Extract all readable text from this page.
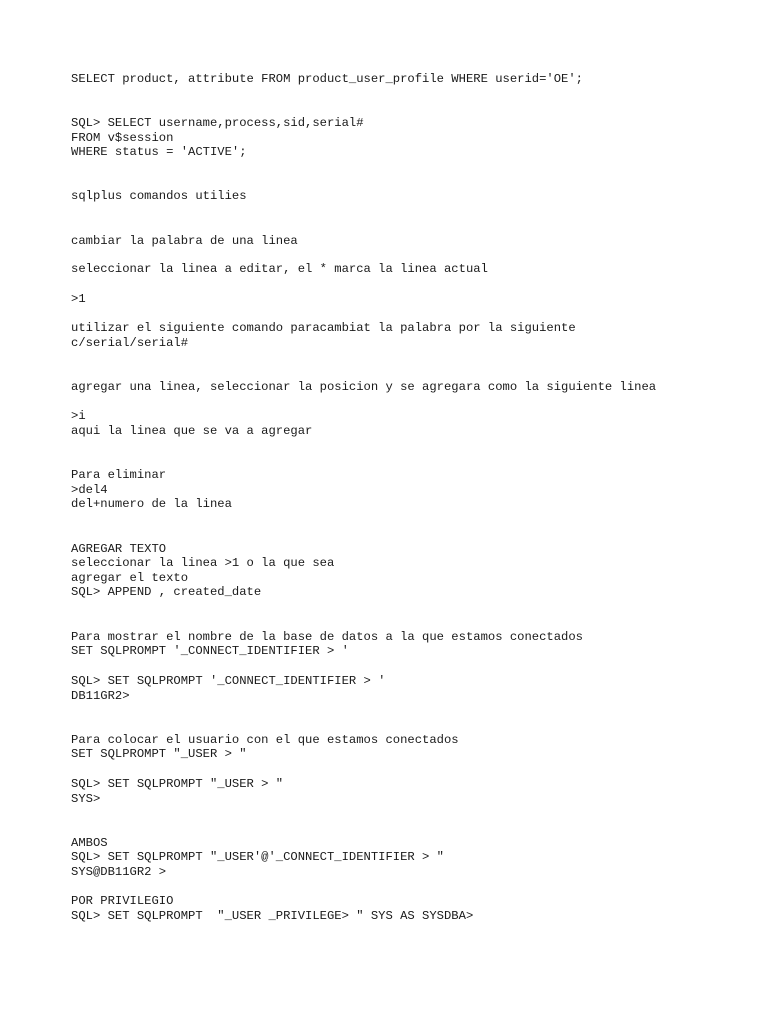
SELECT product, attribute FROM product_user_profile WHERE userid='OE';

SQL> SELECT username,process,sid,serial#

FROM v$session

WHERE status = 'ACTIVE';

sqlplus comandos utilies

cambiar la palabra de una linea

seleccionar la linea a editar, el * marca la linea actual

>1

utilizar el siguiente comando paracambiat la palabra por la siguiente

c/serial/serial#

agregar una linea, seleccionar la posicion y se agregara como la siguiente linea

>i

aqui la linea que se va a agregar

Para eliminar

>del4

del+numero de la linea

AGREGAR TEXTO

seleccionar la linea >1 o la que sea

agregar el texto

SQL> APPEND , created_date

Para mostrar el nombre de la base de datos a la que estamos conectados

SET SQLPROMPT '_CONNECT_IDENTIFIER > '

SQL> SET SQLPROMPT '_CONNECT_IDENTIFIER > '

DB11GR2>

Para colocar el usuario con el que estamos conectados

SET SQLPROMPT "_USER > "

SQL> SET SQLPROMPT "_USER > "

SYS>

AMBOS

SQL> SET SQLPROMPT "_USER'@'_CONNECT_IDENTIFIER > "

SYS@DB11GR2 >

POR PRIVILEGIO

SQL> SET SQLPROMPT  "_USER _PRIVILEGE> " SYS AS SYSDBA>
